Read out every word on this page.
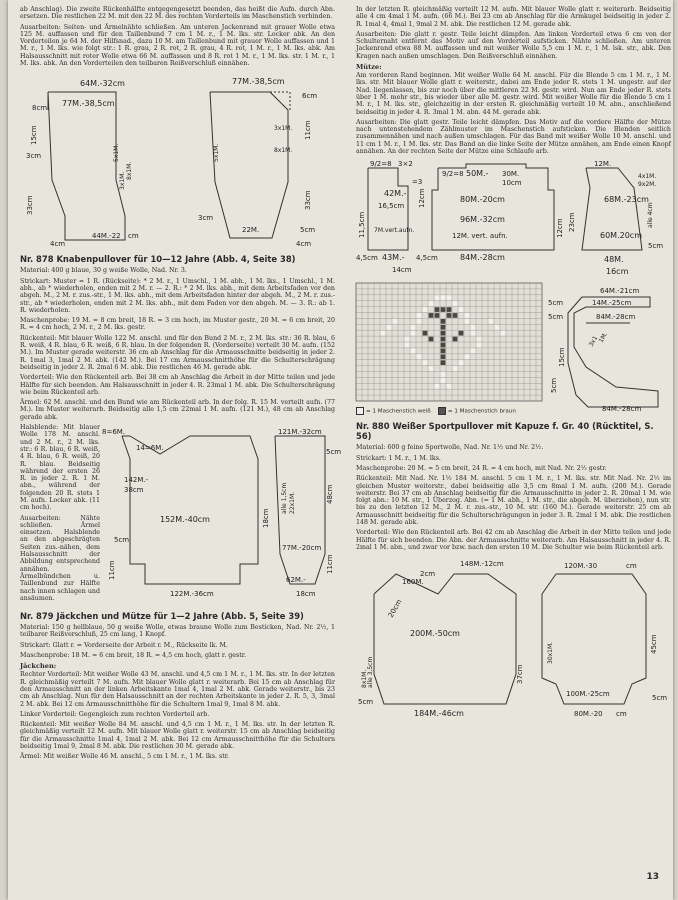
ab Anschlag). Die zweite Rückenhälfte entgegengesetzt beenden, das heißt die Aufn. durch Abn. ersetzen. Die restlichen 22 M. mit den 22 M. des rechten Vorderteils im Maschenstich verbinden.

Ausarbeiten: Seiten- und Ärmelnähte schließen. Am unteren Jackenrand mit grauer Wolle etwa 125 M. auffassen und für den Taillenbund 7 cm 1 M. r., 1 M. lks. str. Locker abk. An den Vorderteilen je 64 M. der Hilfsnad., dazu 10 M. am Taillenbund mit grauer Wolle auffassen und 1 M. r., 1 M. lks. wie folgt str.: 1 R. grau, 2 R. rot, 2 R. grau, 4 R. rot, 1 M. r., 1 M. lks. abk. Am Halsausschnitt mit roter Wolle etwa 66 M. auffassen und 8 R. rot 1 M. r., 1 M. lks. str. 1 M. r., 1 M. lks. abk. An den Vorderteilen den teilbaren Reißverschluß einnähen.

64M.-32cm
77M.-38,5cm
8cm
15cm
3cm
33cm
4cm
5x1M.
3x1M.
8x1M.
44M.-22 cm
77M.-38,5cm
6cm
11cm
33cm
22M.	5cm
3x1M.
8x1M.
5x1M.
3cm
4cm
Nr. 878 Knabenpullover für 10—12 Jahre (Abb. 4, Seite 38)

Material: 400 g blaue, 30 g weiße Wolle, Nad. Nr. 3.

Strickart: Muster = 1 R. (Rückseite): * 2 M. r., 1 Umschl., 1 M. abh., 1 M. lks., 1 Umschl., 1 M. abh., ab * wiederholen, enden mit 2 M. r. — 2. R.: * 2 M. lks. abh., mit dem Arbeitsfaden vor den abgeh. M., 2 M. r. zus.-str., 1 M. lks. abh., mit dem Arbeitsfaden hinter der abgeh. M., 2 M. r. zus.-str., ab * wiederholen, enden mit 2 M. lks. abh., mit dem Faden vor den abgeh. M. — 3. R.: ab 1. R. wiederholen.

Maschenprobe: 19 M. = 8 cm breit, 18 R. = 3 cm hoch, im Muster gestr., 20 M. = 6 cm breit, 20 R. = 4 cm hoch, 2 M. r., 2 M. lks. gestr.

Rückenteil: Mit blauer Wolle 122 M. anschl. und für den Bund 2 M. r., 2 M. lks. str.: 36 R. blau, 6 R. weiß, 4 R. blau, 6 R. weiß, 6 R. blau. In der folgenden R. (Vorderseite) verteilt 30 M. aufn. (152 M.). Im Muster gerade weiterstr. 36 cm ab Anschlag für die Armausschnitte beidseitig in jeder 2. R. 1mal 3, 1mal 2 M. abk. (142 M.). Bei 17 cm Armausschnitthöhe für die Schulterschrägung beidseitig in jeder 2. R. 2mal 6 M. abk. Die restlichen 46 M. gerade abk.

Vorderteil: Wie den Rückenteil arb. Bei 38 cm ab Anschlag die Arbeit in der Mitte teilen und jede Hälfte für sich beenden. Am Halsausschnitt in jeder 4. R. 23mal 1 M. abk. Die Schulterschrägung wie beim Rückenteil arb.

Ärmel: 62 M. anschl. und den Bund wie am Rückenteil arb. In der folg. R. 15 M. verteilt aufn. (77 M.). Im Muster weiterarb. Beidseitig alle 1,5 cm 22mal 1 M. aufn. (121 M.), 48 cm ab Anschlag gerade abk.

Halsblende: Mit blauer Wolle 178 M. anschl. und 2 M. r., 2 M. lks. str.: 6 R. blau, 6 R. weiß, 4 R. blau, 6 R. weiß, 20 R. blau. Beidseitig während der ersten 26 R. in jeder 2. R. 1 M. abn., während der folgenden 20 R. stets 1 M. aufn. Locker abk. (11 cm hoch).

Ausarbeiten: Nähte schließen. Ärmel einsetzen. Halsblende an den abgeschrägten Seiten zus.-nähen, dem Halsausschnitt der Abbildung entsprechend annähen. Ärmelbündchen u. Taillenbund zur Hälfte nach innen schlagen und ansäumen.

8=6M.
14=6M.
142M.-
38cm
152M.-40cm
5cm
11cm
18cm
122M.-36cm
121M.-32cm
alle 1,5cm 22x1M.
77M.-20cm
5cm
48cm
11cm
62M.-
18cm
Nr. 879 Jäckchen und Mütze für 1—2 Jahre (Abb. 5, Seite 39)

Material: 150 g hellblaue, 50 g weiße Wolle, etwas braune Wolle zum Besticken, Nad. Nr. 2½, 1 teilbarer Reißverschluß, 25 cm lang, 1 Knopf.

Strickart: Glatt r. = Vorderseite der Arbeit r. M., Rückseite lk. M.

Maschenprobe: 18 M. = 6 cm breit, 18 R. = 4,5 cm hoch, glatt r. gestr.

Jäckchen:

Rechter Vorderteil: Mit weißer Wolle 43 M. anschl. und 4,5 cm 1 M. r., 1 M. lks. str. In der letzten R. gleichmäßig verteilt 7 M. aufn. Mit blauer Wolle glatt r. weiterarb. Bei 15 cm ab Anschlag für den Armausschnitt an der linken Arbeitskante 1mal 4, 1mal 2 M. abk. Gerade weiterstr., bis 23 cm ab Anschlag. Nun für den Halsausschnitt an der rechten Arbeitskante in jeder 2. R. 5, 3, 3mal 2 M. abk. Bei 12 cm Armausschnitthöhe für die Schultern 1mal 9, 1mal 8 M. abk.

Linker Vorderteil: Gegengleich zum rechten Vorderteil arb.

Rückenteil: Mit weißer Wolle 84 M. anschl. und 4,5 cm 1 M. r., 1 M. lks. str. In der letzten R. gleichmäßig verteilt 12 M. aufn. Mit blauer Wolle glatt r. weiterstr. 15 cm ab Anschlag beidseitig für die Armausschnitte 1mal 4, 1mal 2 M. abk. Bei 12 cm Armausschnitthöhe für die Schultern beidseitig 1mal 9, 2mal 8 M. abk. Die restlichen 30 M. gerade abk.

Ärmel: Mit weißer Wolle 46 M. anschl., 5 cm 1 M. r., 1 M. lks. str.

In der letzten R. gleichmäßig verteilt 12 M. aufn. Mit blauer Wolle glatt r. weiterarb. Beidseitig alle 4 cm 4mal 1 M. aufn. (66 M.). Bei 23 cm ab Anschlag für die Armkugel beidseitig in jeder 2. R. 1mal 4, 4mal 1, 9mal 2 M. abk. Die restlichen 12 M. gerade abk.

Ausarbeiten: Die glatt r. gestr. Teile leicht dämpfen. Am linken Vorderteil etwa 6 cm von der Schulternaht entfernt das Motiv auf den Vorderteil aufsticken. Nähte schließen. Am unteren Jackenrand etwa 88 M. auffassen und mit weißer Wolle 5,5 cm 1 M. r., 1 M. lsk. str., abk. Den Kragen nach außen umschlagen. Den Reißverschluß einnähen.

Mütze:

Am vorderen Rand beginnen. Mit weißer Wolle 64 M. anschl. Für die Blende 5 cm 1 M. r., 1 M. lks. str. Mit blauer Wolle glatt r. weiterstr., dabei am Ende jeder R. stets 1 M. ungestr. auf der Nad. liegenlassen, bis zur noch über die mittleren 22 M. gestr. wird. Nun am Ende jeder R. stets über 1 M. mehr str., bis wieder über alle M. gestr. wird. Mit weißer Wolle für die Blende 5 cm 1 M. r., 1 M. lks. str., gleichzeitig in der ersten R. gleichmäßig verteilt 10 M. abn., anschließend beidseitig in jeder 4. R. 3mal 1 M. abn. 44 M. gerade abk.

Ausarbeiten: Die glatt gestr. Teile leicht dämpfen. Das Motiv auf die vordere Hälfte der Mütze nach untenstehendem Zählmuster im Maschenstich aufsticken. Die Blenden seitlich zusammennähen und nach außen umschlagen. Für das Band mit weißer Wolle 10 M. anschl. und 11 cm 1 M. r., 1 M. lks. str. Das Band an die linke Seite der Mütze annähen, am Ende einen Knopf annähen. An der rechten Seite der Mütze eine Schlaufe arb.

9/2=8 3×2
=3
42M.-
50M.-
16,5cm 12cm
11,5cm 7M.vert.aufn.
4,5cm 43M.-
14cm
9/2=8	30M.
10cm
80M.-20cm
96M.-32cm
12M. vert. aufn.
84M.-28cm
4,5cm
12cm 23cm
12M.
4x1M.
9x2M.
68M.-23cm
60M.20cm
48M.
16cm
5cm
alle 4cm
= 1 Maschenstich weiß	= 1 Maschenstich braun
64M.-21cm
14M.-25cm
84M.-28cm
5cm
5cm
15cm
5cm
84M.-28cm
3x1
1M.
Nr. 880 Weißer Sportpullover mit Kapuze f. Gr. 40 (Rücktitel, S. 56)

Material: 600 g feine Sportwolle, Nad. Nr. 1½ und Nr. 2½.

Strickart: 1 M. r., 1 M. lks.

Maschenprobe: 20 M. = 5 cm breit, 24 R. = 4 cm hoch, mit Nad. Nr. 2½ gestr.

Rückenteil: Mit Nad. Nr. 1½ 184 M. anschl. 5 cm 1 M. r., 1 M. lks. str. Mit Nad. Nr. 2½ im gleichen Muster weiterstr., dabei beidseitig alle 3,5 cm 8mal 1 M. aufn. (200 M.). Gerade weiterstr. Bei 37 cm ab Anschlag beidseitig für die Armausschnitte in jeder 2. R. 20mal 1 M. wie folgt abn.: 10 M. str., 1 Überzog. Abn. (= 1 M. abh., 1 M. str., die abgeh. M. überziehen), nun str. bis zu den letzten 12 M., 2 M. r. zus.-str., 10 M. str. (160 M.). Gerade weiterstr. 25 cm ab Armausschnitt beidseitig für die Schulterschrägungen in jeder 3. R. 2mal 1 M. abk. Die restlichen 148 M. gerade abk.

Vorderteil: Wie den Rückenteil arb. Bei 42 cm ab Anschlag die Arbeit in der Mitte teilen und jede Hälfte für sich beenden. Die Abn. der Armausschnitte weiterarb. Am Halsausschnitt in jeder 4. R. 2mal 1 M. abn., und zwar vor bzw. nach den ersten 10 M. Die Schulter wie beim Rückenteil arb.

148M.-12cm
2cm
160M.
20cm
200M.-50cm
8x1M. alle 3,5cm
5cm
37cm
184M.-46cm
120M.-30	cm
30x1M.
100M.-25cm
80M.-20 cm
45cm
5cm
13
